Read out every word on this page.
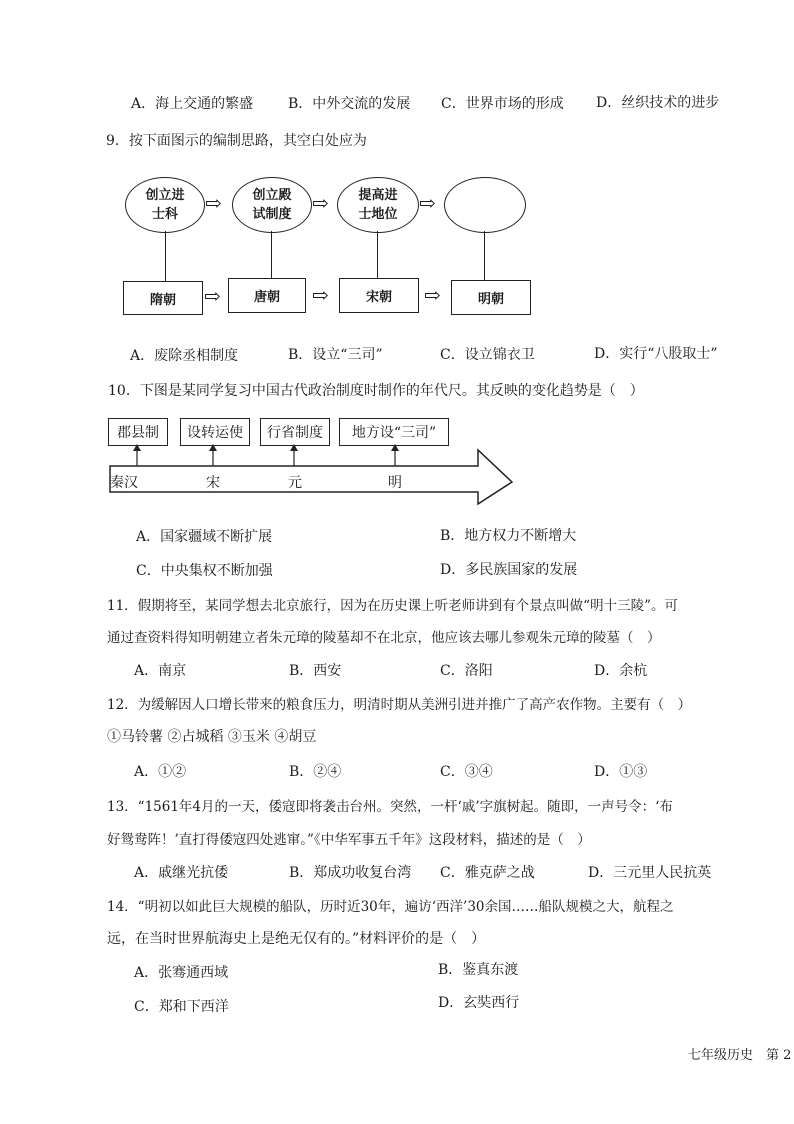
A．海上交通的繁盛 B．中外交流的发展 C．世界市场的形成 D．丝织技术的进步
9．按下面图示的编制思路，其空白处应为
创立进士科
创立殿试制度
提高进士地位
⇨	⇨	⇨
隋朝	唐朝	宋朝	明朝
⇨	⇨	⇨
A．废除丞相制度	B．设立“三司”	C．设立锦衣卫	D．实行“八股取士”
10．下图是某同学复习中国古代政治制度时制作的年代尺。其反映的变化趋势是（　）
郡县制 设转运使 行省制度 地方设“三司”
秦汉	宋	元	明
A．国家疆域不断扩展	B．地方权力不断增大
C．中央集权不断加强	D．多民族国家的发展
11．假期将至，某同学想去北京旅行，因为在历史课上听老师讲到有个景点叫做“明十三陵”。可
通过查资料得知明朝建立者朱元璋的陵墓却不在北京，他应该去哪儿参观朱元璋的陵墓（　）
A．南京	B．西安	C．洛阳	D．余杭
12．为缓解因人口增长带来的粮食压力，明清时期从美洲引进并推广了高产农作物。主要有（　）
①马铃薯 ②占城稻 ③玉米 ④胡豆
A．①②	B．②④	C．③④	D．①③
13．“1561年4月的一天，倭寇即将袭击台州。突然，一杆‘戚’字旗树起。随即，一声号令：‘布
好鸳鸯阵！’直打得倭寇四处逃窜。”《中华军事五千年》这段材料，描述的是（　）
A．戚继光抗倭	B．郑成功收复台湾 C．雅克萨之战	D．三元里人民抗英
14．“明初以如此巨大规模的船队，历时近30年，遍访‘西洋’30余国……船队规模之大，航程之
远，在当时世界航海史上是绝无仅有的。”材料评价的是（　）
A．张骞通西域	B．鉴真东渡
C．郑和下西洋	D．玄奘西行
七年级历史　第 2
